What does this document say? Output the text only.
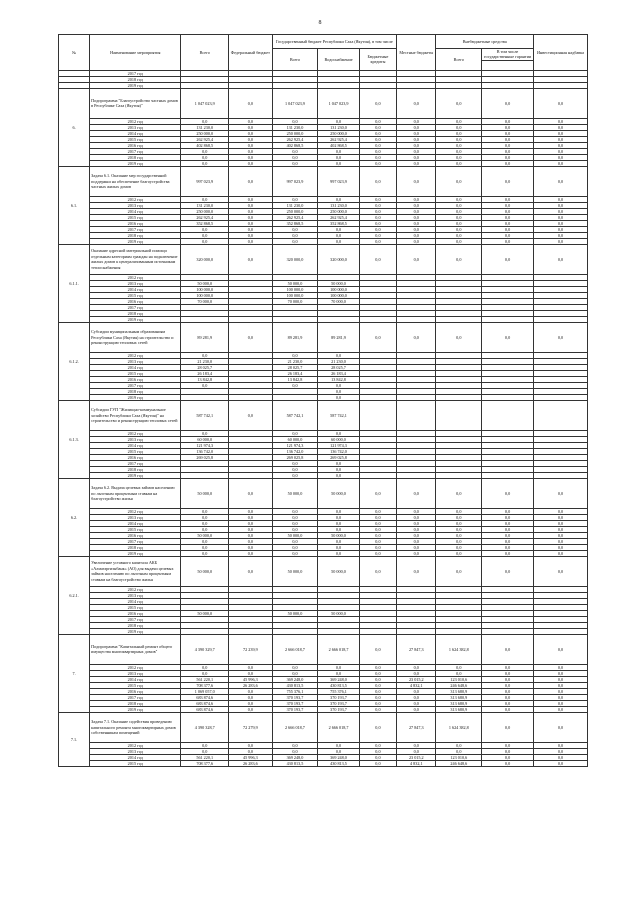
8
№	Наименование мероприятия	Всего	Федеральный бюджет	Государственный бюджет Республики Саха (Якутия), в том числе			Местные бюджеты	Внебюджетные средства		Инвестиционная надбавка
				Всего	Водоснабжение	Бюджетные кредиты		Всего	В том числе государственные гарантии	

	2017 год									
	2018 год									
	2019 год									
6.	Подпрограмма "Благоустройство частных домов в Республике Саха (Якутия)"	1 047 023,9	0,0	1 047 023,9	1 047 023,9	0,0	0,0	0,0	0,0	0,0
	2012 год	0,0	0,0	0,0	0,0	0,0	0,0	0,0	0,0	0,0
	2013 год	131 230,0	0,0	131 230,0	131 230,0	0,0	0,0	0,0	0,0	0,0
	2014 год	250 000,0	0,0	250 000,0	250 000,0	0,0	0,0	0,0	0,0	0,0
	2015 год	262 925,4	0,0	262 925,4	262 925,4	0,0	0,0	0,0	0,0	0,0
	2016 год	402 868,5	0,0	402 868,5	402 868,5	0,0	0,0	0,0	0,0	0,0
	2017 год	0,0	0,0	0,0	0,0	0,0	0,0	0,0	0,0	0,0
	2018 год	0,0	0,0	0,0	0,0	0,0	0,0	0,0	0,0	0,0
	2019 год	0,0	0,0	0,0	0,0	0,0	0,0	0,0	0,0	0,0
6.1.	Задача 6.1. Оказание мер государственной поддержки на обеспечение благоустройства частных жилых домов	997 023,9	0,0	997 023,9	997 023,9	0,0	0,0	0,0	0,0	0,0
	2012 год	0,0	0,0	0,0	0,0	0,0	0,0	0,0	0,0	0,0
	2013 год	131 230,0	0,0	131 230,0	131 230,0	0,0	0,0	0,0	0,0	0,0
	2014 год	250 000,0	0,0	250 000,0	250 000,0	0,0	0,0	0,0	0,0	0,0
	2015 год	262 925,4	0,0	262 925,4	262 925,4	0,0	0,0	0,0	0,0	0,0
	2016 год	352 868,5	0,0	352 868,5	352 868,5	0,0	0,0	0,0	0,0	0,0
	2017 год	0,0	0,0	0,0	0,0	0,0	0,0	0,0	0,0	0,0
	2018 год	0,0	0,0	0,0	0,0	0,0	0,0	0,0	0,0	0,0
	2019 год	0,0	0,0	0,0	0,0	0,0	0,0	0,0	0,0	0,0
6.1.1.	Оказание адресной материальной помощи отдельным категориям граждан на подключение жилых домов к централизованным источникам теплоснабжения	320 000,0	0,0	320 000,0	320 000,0	0,0	0,0	0,0	0,0	0,0
	2012 год									
	2013 год	50 000,0		50 000,0	50 000,0					
	2014 год	100 000,0		100 000,0	100 000,0					
	2015 год	100 000,0		100 000,0	100 000,0					
	2016 год	70 000,0		70 000,0	70 000,0					
	2017 год									
	2018 год									
	2019 год									
6.1.2.	Субсидии муниципальным образованиям Республики Саха (Якутия) на строительство и реконструкцию тепловых сетей	89 281,9	0,0	89 281,9	89 281,9	0,0	0,0	0,0	0,0	0,0
	2012 год	0,0		0,0	0,0					
	2013 год	21 230,0		21 230,0	21 230,0					
	2014 год	28 025,7		28 025,7	28 025,7					
	2015 год	26 183,4		26 183,4	26 183,4					
	2016 год	13 842,8		13 842,8	13 842,8					
	2017 год	0,0		0,0	0,0					
	2018 год				0,0					
	2019 год				0,0					
6.1.3.	Субсидии ГУП "Жилищно-коммунальное хозяйство Республики Саха (Якутия)" на строительство и реконструкцию тепловых сетей	587 742,1	0,0	587 742,1	587 742,1					
	2012 год	0,0		0,0	0,0					
	2013 год	60 000,0		60 000,0	60 000,0					
	2014 год	121 974,3		121 974,3	121 974,3					
	2015 год	136 742,0		136 742,0	136 742,0					
	2016 год	269 025,8		269 025,8	269 025,8					
	2017 год			0,0	0,0					
	2018 год			0,0	0,0					
	2019 год			0,0	0,0					
6.2.	Задача 6.2. Выдача целевых займов населению по льготным процентным ставкам на благоустройство жилья	50 000,0	0,0	50 000,0	50 000,0	0,0	0,0	0,0	0,0	0,0
	2012 год	0,0	0,0	0,0	0,0	0,0	0,0	0,0	0,0	0,0
	2013 год	0,0	0,0	0,0	0,0	0,0	0,0	0,0	0,0	0,0
	2014 год	0,0	0,0	0,0	0,0	0,0	0,0	0,0	0,0	0,0
	2015 год	0,0	0,0	0,0	0,0	0,0	0,0	0,0	0,0	0,0
	2016 год	50 000,0	0,0	50 000,0	50 000,0	0,0	0,0	0,0	0,0	0,0
	2017 год	0,0	0,0	0,0	0,0	0,0	0,0	0,0	0,0	0,0
	2018 год	0,0	0,0	0,0	0,0	0,0	0,0	0,0	0,0	0,0
	2019 год	0,0	0,0	0,0	0,0	0,0	0,0	0,0	0,0	0,0
6.2.1.	Увеличение уставного капитала АКБ «Алмазэргиэнбанк» (АО) для выдачи целевых займов населению по льготным процентным ставкам на благоустройство жилья	50 000,0	0,0	50 000,0	50 000,0	0,0	0,0	0,0	0,0	0,0
	2012 год									
	2013 год									
	2014 год									
	2015 год									
	2016 год	50 000,0		50 000,0	50 000,0					
	2017 год									
	2018 год									
	2019 год									
7.	Подпрограмма "Капитальный ремонт общего имущества многоквартирных домов"	4 390 329,7	72 239,9	2 666 018,7	2 666 018,7	0,0	27 847,3	1 624 382,8	0,0	0,0
	2012 год	0,0	0,0	0,0	0,0	0,0	0,0	0,0	0,0	0,0
	2013 год	0,0	0,0	0,0	0,0	0,0	0,0	0,0	0,0	0,0
	2014 год	561 220,1	45 996,3	369 248,0	369 248,0	0,0	23 015,2	123 010,6	0,0	0,0
	2015 год	708 377,6	26 283,6	430 813,5	430 813,5	0,0	4 832,1	246 648,6	0,0	0,0
	2016 год	1 069 057,0	0,0	755 376,1	755 376,1	0,0	0,0	313 680,9	0,0	0,0
	2017 год	683 874,6	0,0	370 193,7	370 193,7	0,0	0,0	313 680,9	0,0	0,0
	2018 год	683 874,6	0,0	370 193,7	370 193,7	0,0	0,0	313 680,9	0,0	0,0
	2019 год	683 874,6	0,0	370 193,7	370 193,7	0,0	0,0	313 680,9	0,0	0,0
7.1.	Задача 7.1. Оказание содействия проведению капитального ремонта многоквартирных домов собственникам помещений	4 390 328,7	72 279,9	2 666 018,7	2 666 018,7	0,0	27 847,3	1 624 382,8	0,0	0,0
	2012 год	0,0	0,0	0,0	0,0	0,0	0,0	0,0	0,0	0,0
	2013 год	0,0	0,0	0,0	0,0	0,0	0,0	0,0	0,0	0,0
	2014 год	561 220,1	45 996,3	369 248,0	369 248,0	0,0	23 015,2	123 010,6	0,0	0,0
	2015 год	708 377,6	26 283,6	430 813,5	430 813,5	0,0	4 832,1	246 648,6	0,0	0,0
